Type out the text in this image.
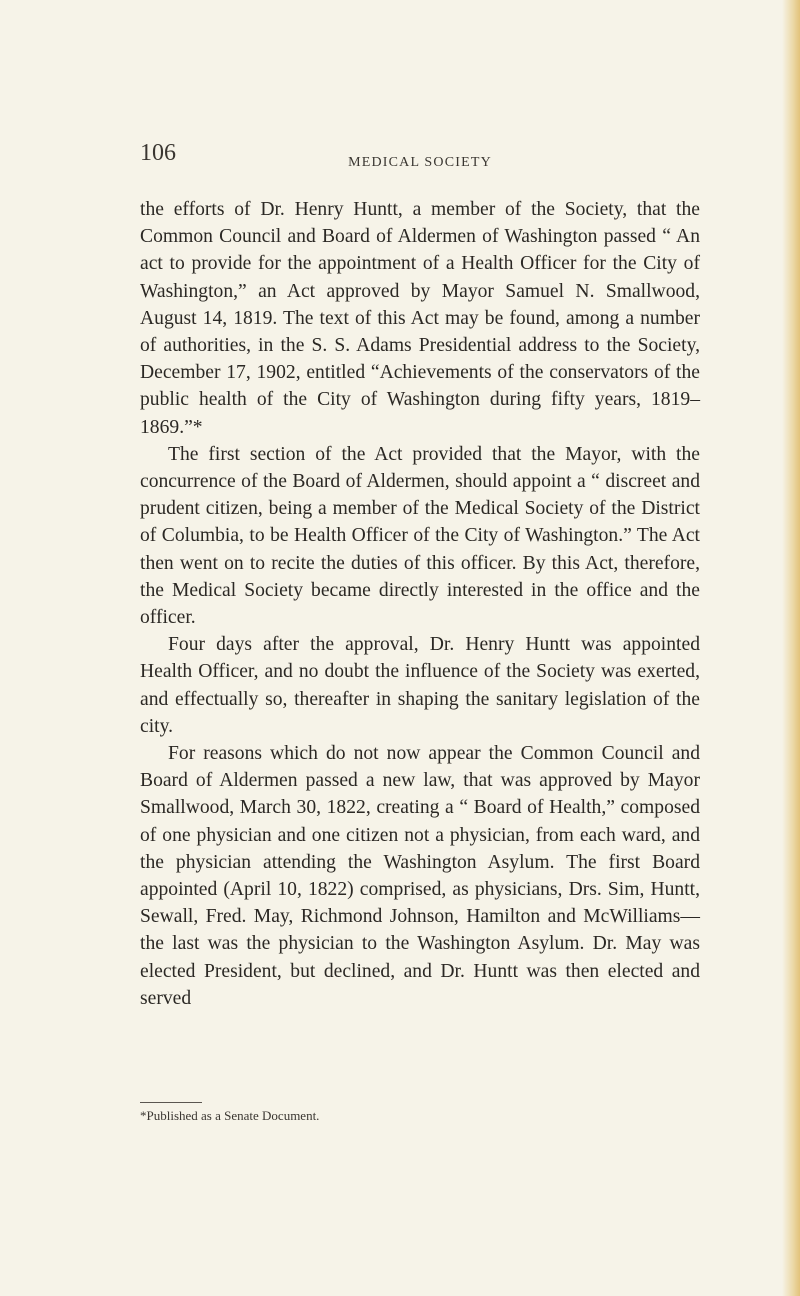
106	MEDICAL SOCIETY

the efforts of Dr. Henry Huntt, a member of the Society, that the Common Council and Board of Aldermen of Washington passed “ An act to provide for the appointment of a Health Officer for the City of Washington,” an Act approved by Mayor Samuel N. Smallwood, August 14, 1819. The text of this Act may be found, among a number of authorities, in the S. S. Adams Presidential address to the Society, December 17, 1902, entitled “Achievements of the conservators of the public health of the City of Washington during fifty years, 1819–1869.”*

The first section of the Act provided that the Mayor, with the concurrence of the Board of Aldermen, should appoint a “ discreet and prudent citizen, being a member of the Medical Society of the District of Columbia, to be Health Officer of the City of Washington.” The Act then went on to recite the duties of this officer. By this Act, therefore, the Medical Society became directly interested in the office and the officer.

Four days after the approval, Dr. Henry Huntt was appointed Health Officer, and no doubt the influence of the Society was exerted, and effectually so, thereafter in shaping the sanitary legislation of the city.

For reasons which do not now appear the Common Council and Board of Aldermen passed a new law, that was approved by Mayor Smallwood, March 30, 1822, creating a “ Board of Health,” composed of one physician and one citizen not a physician, from each ward, and the physician attending the Washington Asylum. The first Board appointed (April 10, 1822) comprised, as physicians, Drs. Sim, Huntt, Sewall, Fred. May, Richmond Johnson, Hamilton and McWilliams—the last was the physician to the Washington Asylum. Dr. May was elected President, but declined, and Dr. Huntt was then elected and served

*Published as a Senate Document.
